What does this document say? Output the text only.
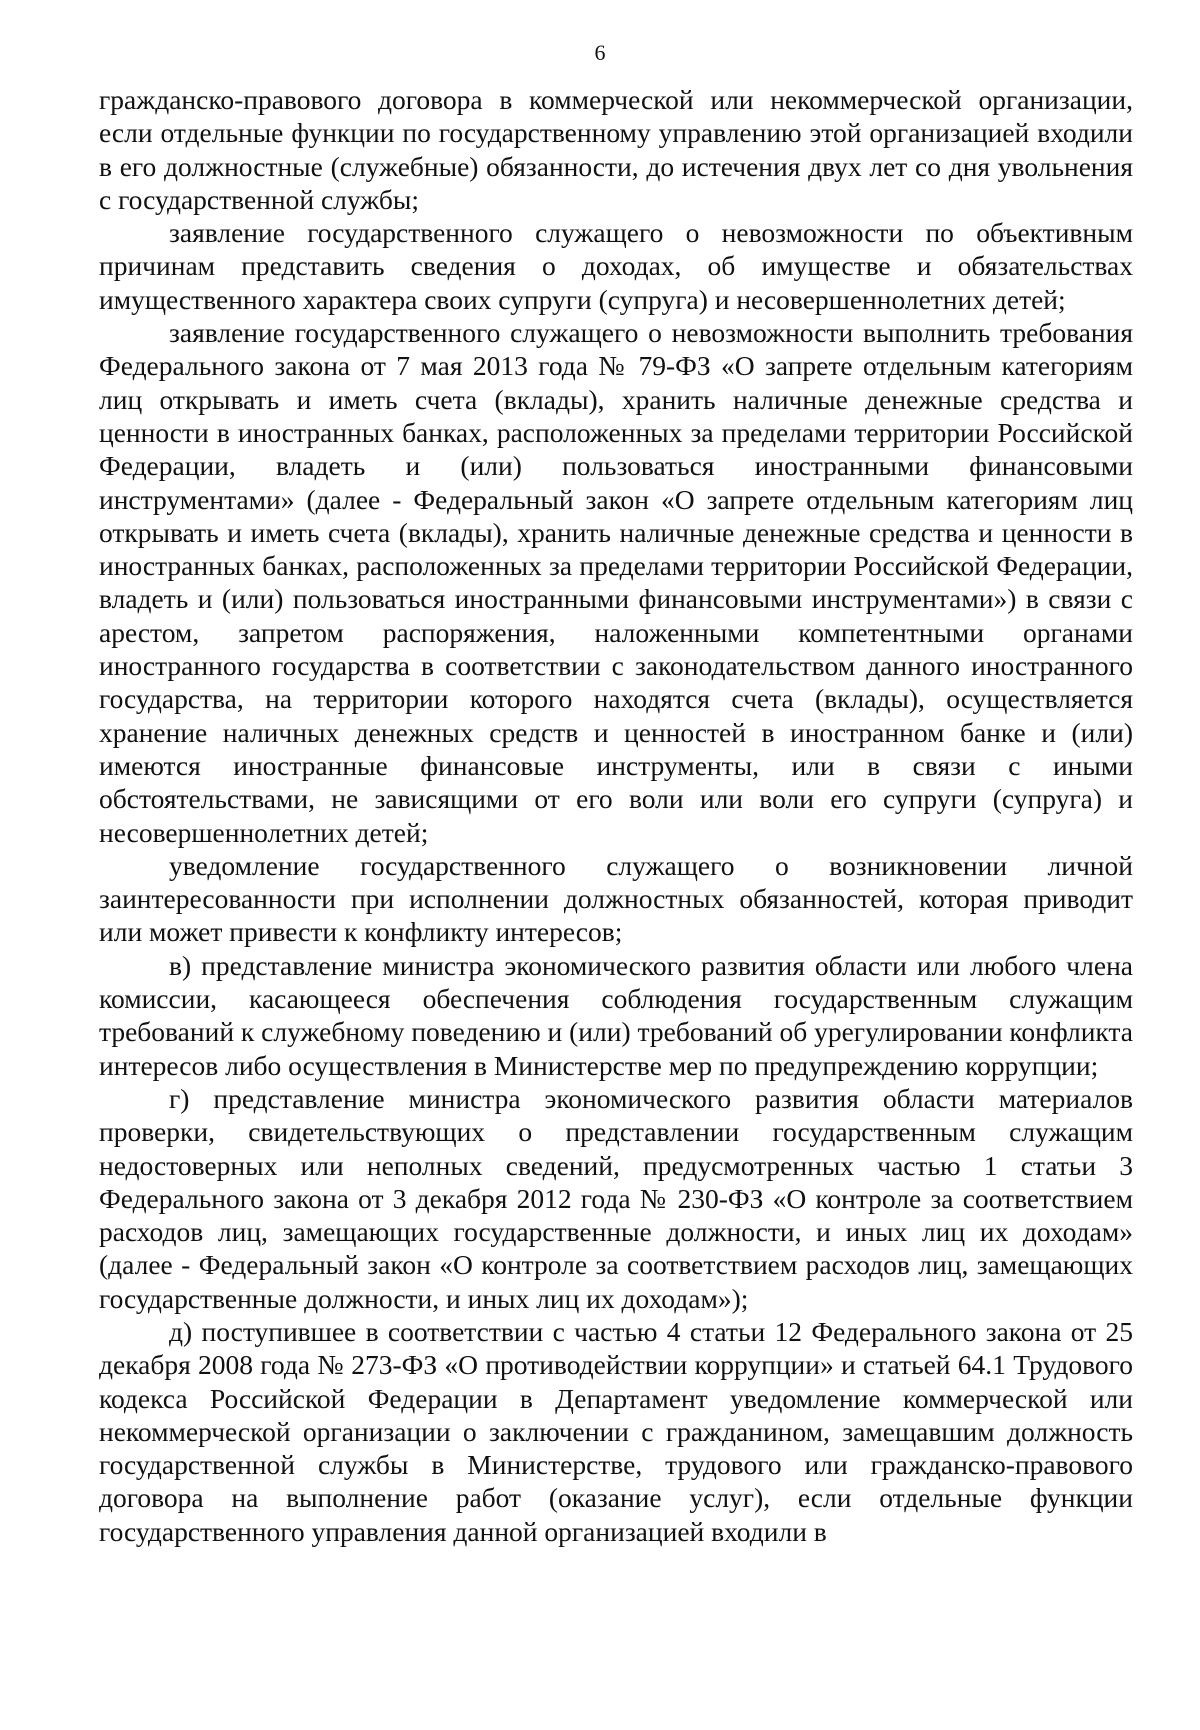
6

гражданско-правового договора в коммерческой или некоммерческой организации, если отдельные функции по государственному управлению этой организацией входили в его должностные (служебные) обязанности, до истечения двух лет со дня увольнения с государственной службы;

заявление государственного служащего о невозможности по объективным причинам представить сведения о доходах, об имуществе и обязательствах имущественного характера своих супруги (супруга) и несовершеннолетних детей;

заявление государственного служащего о невозможности выполнить требования Федерального закона от 7 мая 2013 года № 79-ФЗ «О запрете отдельным категориям лиц открывать и иметь счета (вклады), хранить наличные денежные средства и ценности в иностранных банках, расположенных за пределами территории Российской Федерации, владеть и (или) пользоваться иностранными финансовыми инструментами» (далее - Федеральный закон «О запрете отдельным категориям лиц открывать и иметь счета (вклады), хранить наличные денежные средства и ценности в иностранных банках, расположенных за пределами территории Российской Федерации, владеть и (или) пользоваться иностранными финансовыми инструментами») в связи с арестом, запретом распоряжения, наложенными компетентными органами иностранного государства в соответствии с законодательством данного иностранного государства, на территории которого находятся счета (вклады), осуществляется хранение наличных денежных средств и ценностей в иностранном банке и (или) имеются иностранные финансовые инструменты, или в связи с иными обстоятельствами, не зависящими от его воли или воли его супруги (супруга) и несовершеннолетних детей;

уведомление государственного служащего о возникновении личной заинтересованности при исполнении должностных обязанностей, которая приводит или может привести к конфликту интересов;

в) представление министра экономического развития области или любого члена комиссии, касающееся обеспечения соблюдения государственным служащим требований к служебному поведению и (или) требований об урегулировании конфликта интересов либо осуществления в Министерстве мер по предупреждению коррупции;

г) представление министра экономического развития области материалов проверки, свидетельствующих о представлении государственным служащим недостоверных или неполных сведений, предусмотренных частью 1 статьи 3 Федерального закона от 3 декабря 2012 года № 230-ФЗ «О контроле за соответствием расходов лиц, замещающих государственные должности, и иных лиц их доходам» (далее - Федеральный закон «О контроле за соответствием расходов лиц, замещающих государственные должности, и иных лиц их доходам»);

д) поступившее в соответствии с частью 4 статьи 12 Федерального закона от 25 декабря 2008 года № 273-ФЗ «О противодействии коррупции» и статьей 64.1 Трудового кодекса Российской Федерации в Департамент уведомление коммерческой или некоммерческой организации о заключении с гражданином, замещавшим должность государственной службы в Министерстве, трудового или гражданско-правового договора на выполнение работ (оказание услуг), если отдельные функции государственного управления данной организацией входили в
